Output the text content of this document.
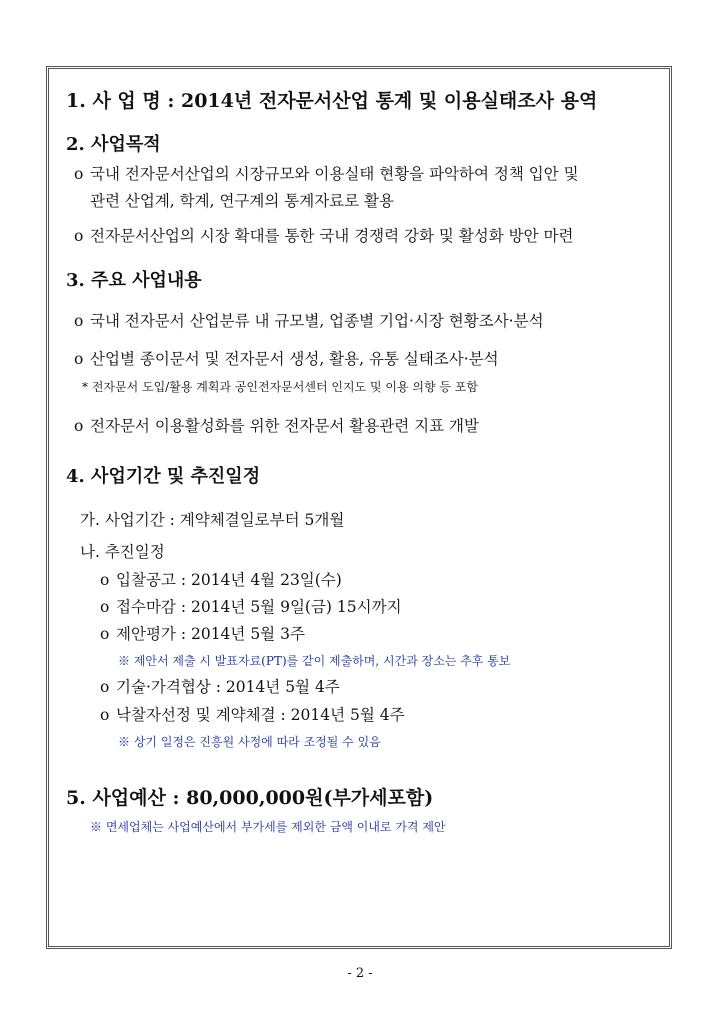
1. 사 업 명 : 2014년 전자문서산업 통계 및 이용실태조사 용역
2. 사업목적
o 국내 전자문서산업의 시장규모와 이용실태 현황을 파악하여 정책 입안 및
관련 산업계, 학계, 연구계의 통계자료로 활용
o 전자문서산업의 시장 확대를 통한 국내 경쟁력 강화 및 활성화 방안 마련
3. 주요 사업내용
o 국내 전자문서 산업분류 내 규모별, 업종별 기업·시장 현황조사·분석
o 산업별 종이문서 및 전자문서 생성, 활용, 유통 실태조사·분석
* 전자문서 도입/활용 계획과 공인전자문서센터 인지도 및 이용 의향 등 포함
o 전자문서 이용활성화를 위한 전자문서 활용관련 지표 개발
4. 사업기간 및 추진일정
가. 사업기간 : 계약체결일로부터 5개월
나. 추진일정
o 입찰공고 : 2014년 4월 23일(수)
o 접수마감 : 2014년 5월 9일(금) 15시까지
o 제안평가 : 2014년 5월 3주
※ 제안서 제출 시 발표자료(PT)를 같이 제출하며, 시간과 장소는 추후 통보
o 기술·가격협상 : 2014년 5월 4주
o 낙찰자선정 및 계약체결 : 2014년 5월 4주
※ 상기 일정은 진흥원 사정에 따라 조정될 수 있음
5. 사업예산 : 80,000,000원(부가세포함)
※ 면세업체는 사업예산에서 부가세를 제외한 금액 이내로 가격 제안
- 2 -
